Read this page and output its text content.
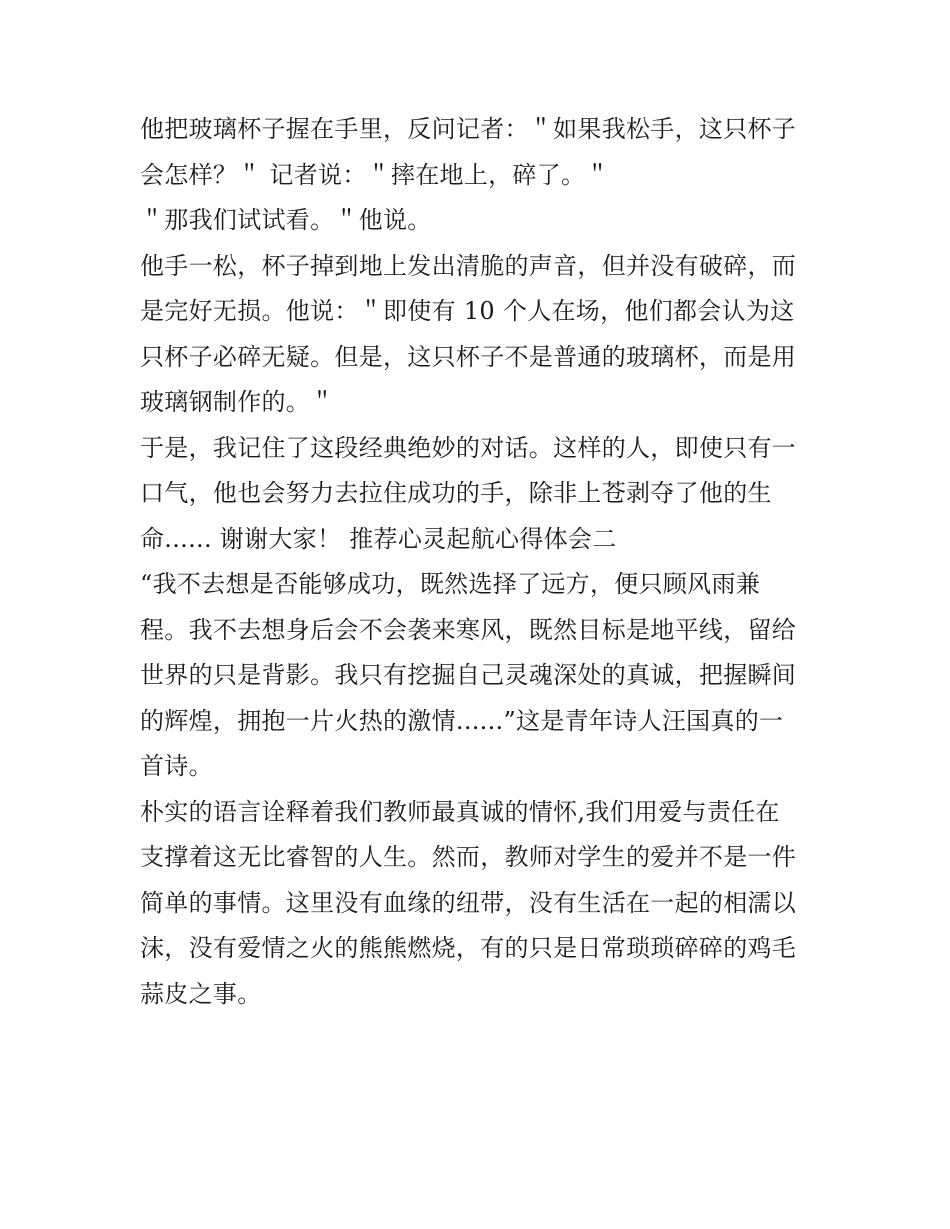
他把玻璃杯子握在手里，反问记者：＂如果我松手，这只杯子
会怎样？＂ 记者说：＂摔在地上，碎了。＂
＂那我们试试看。＂他说。
他手一松，杯子掉到地上发出清脆的声音，但并没有破碎，而
是完好无损。他说：＂即使有 10 个人在场，他们都会认为这
只杯子必碎无疑。但是，这只杯子不是普通的玻璃杯，而是用
玻璃钢制作的。＂
于是，我记住了这段经典绝妙的对话。这样的人，即使只有一
口气，他也会努力去拉住成功的手，除非上苍剥夺了他的生
命...... 谢谢大家！ 推荐心灵起航心得体会二
“我不去想是否能够成功，既然选择了远方，便只顾风雨兼
程。我不去想身后会不会袭来寒风，既然目标是地平线，留给
世界的只是背影。我只有挖掘自己灵魂深处的真诚，把握瞬间
的辉煌，拥抱一片火热的激情......”这是青年诗人汪国真的一
首诗。
朴实的语言诠释着我们教师最真诚的情怀,我们用爱与责任在
支撑着这无比睿智的人生。然而，教师对学生的爱并不是一件
简单的事情。这里没有血缘的纽带，没有生活在一起的相濡以
沫，没有爱情之火的熊熊燃烧，有的只是日常琐琐碎碎的鸡毛
蒜皮之事。
